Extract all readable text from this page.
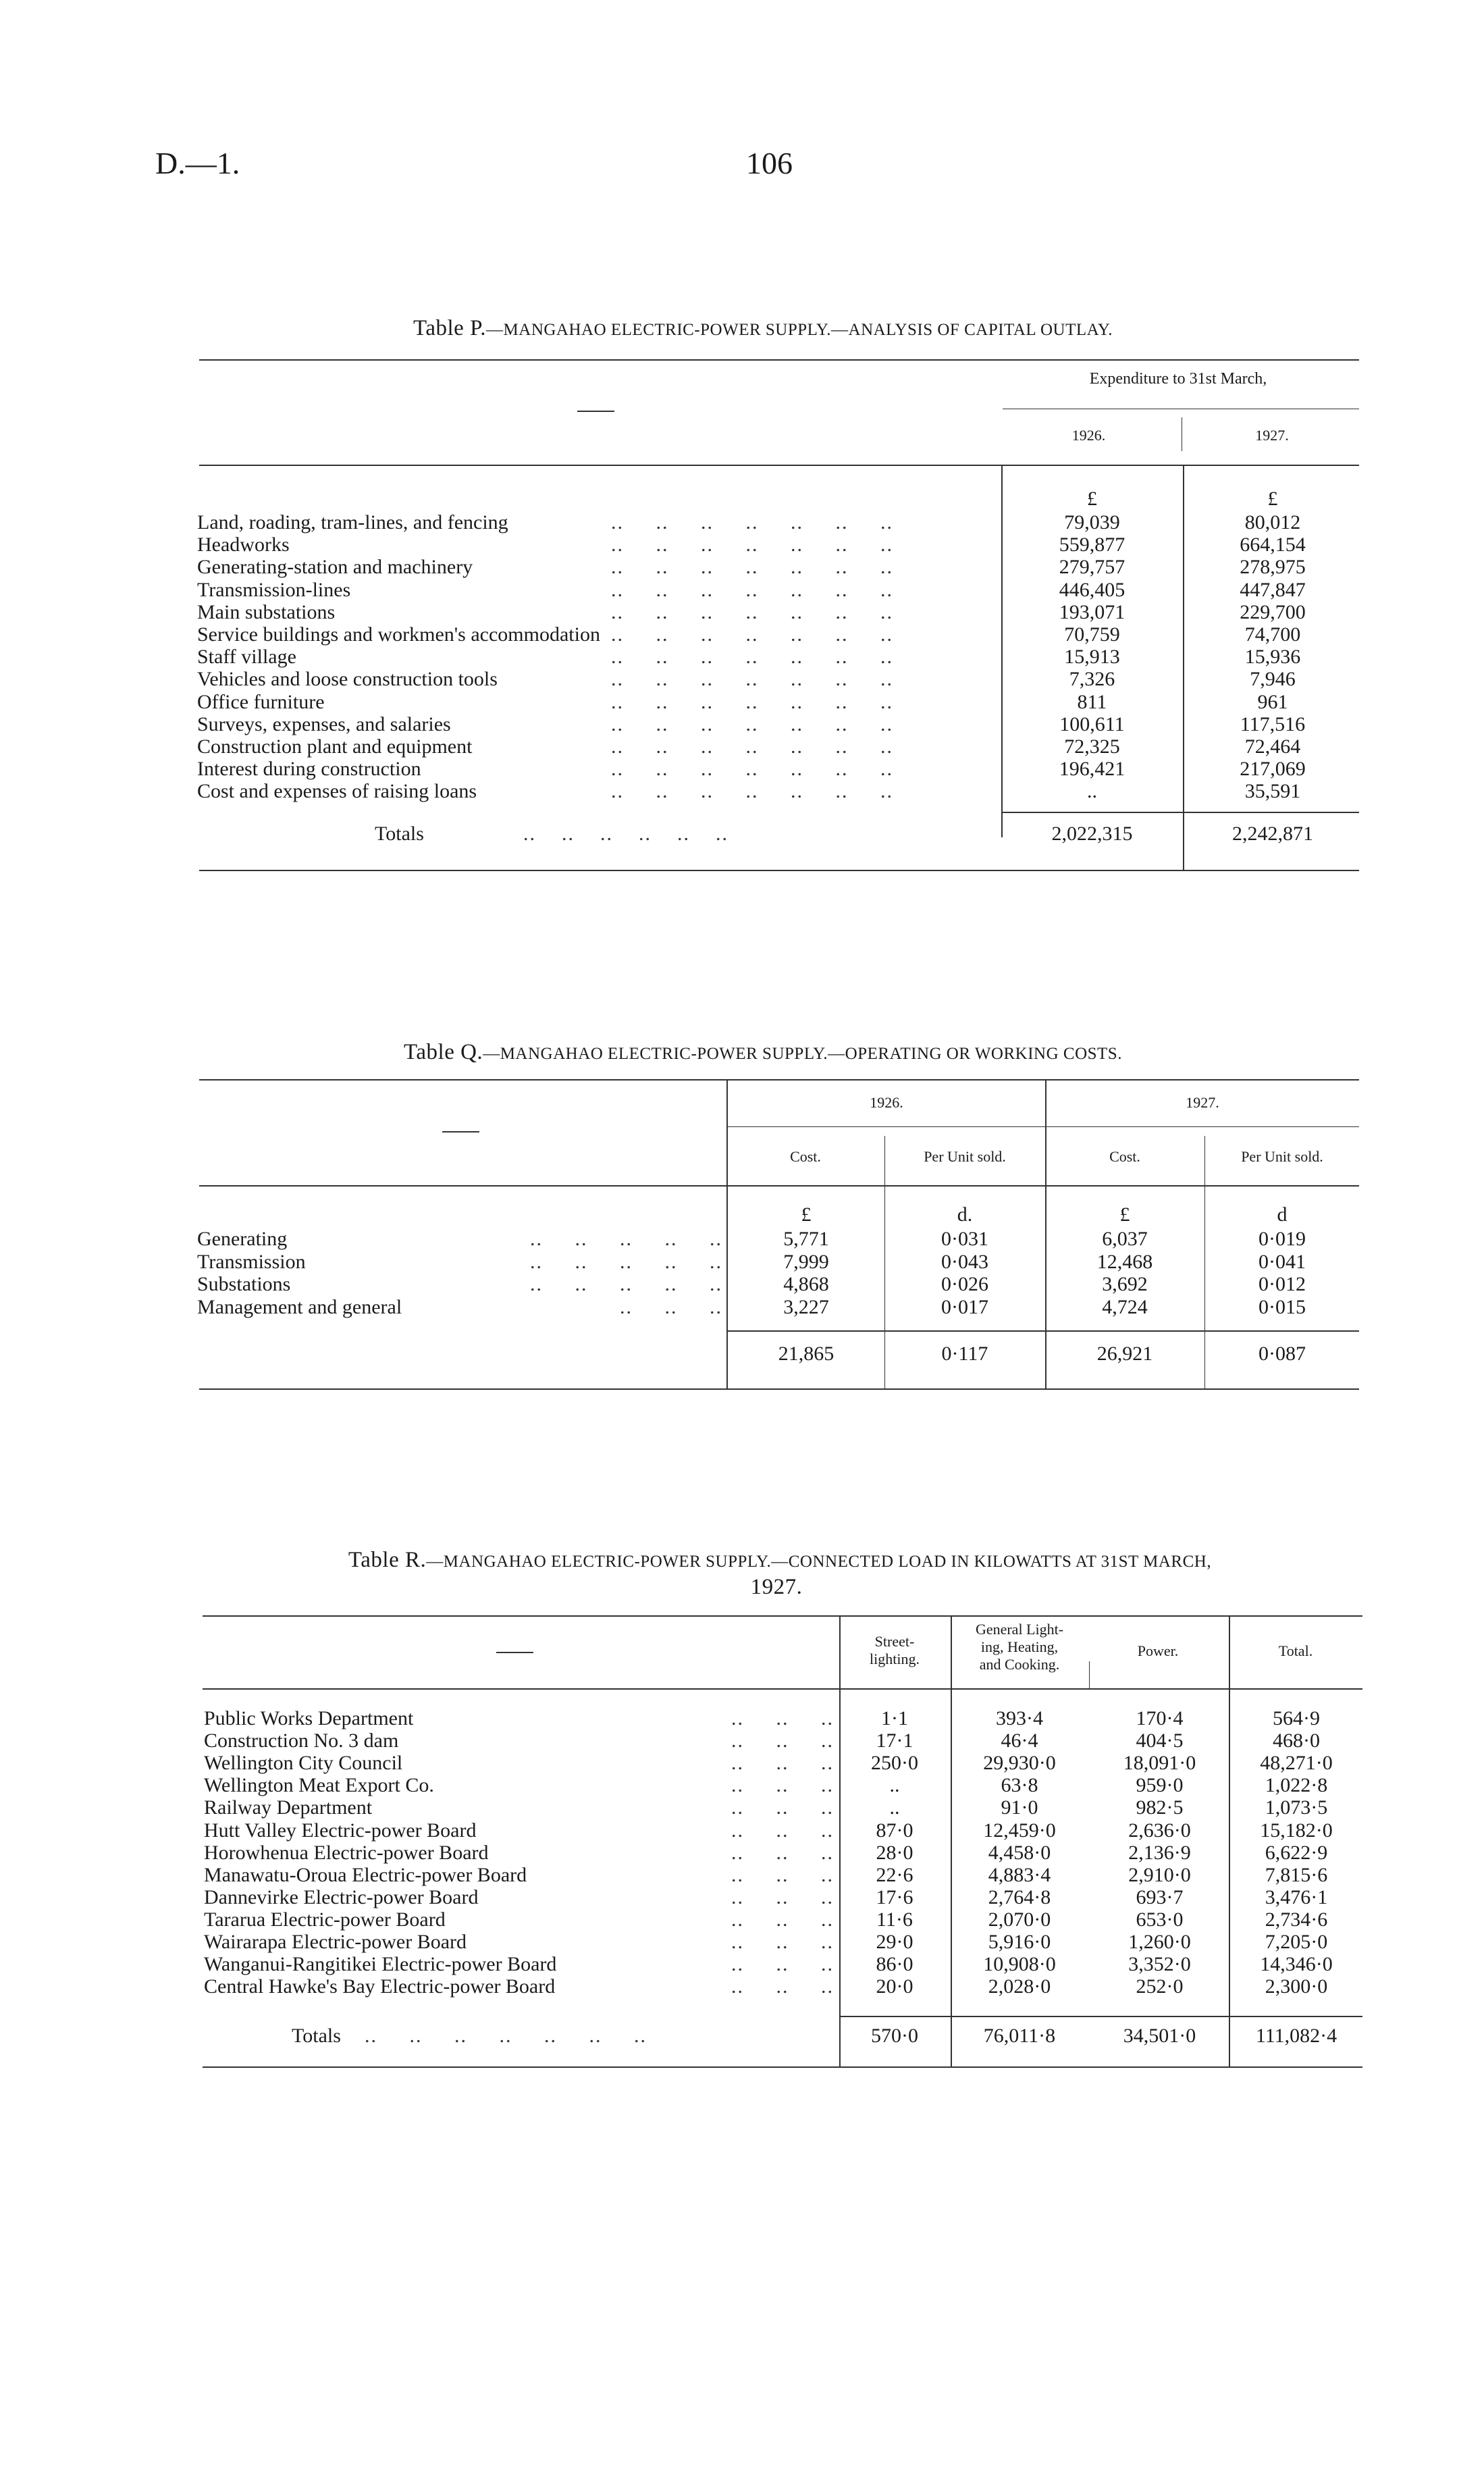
D.—1.	106
Table P.—MANGAHAO ELECTRIC-POWER SUPPLY.—ANALYSIS OF CAPITAL OUTLAY.
Expenditure to 31st March,
1926.	1927.
£	£
Land, roading, tram-lines, and fencing	..     ..     ..     ..     ..     ..     ..	79,039	80,012
Headworks	..     ..     ..     ..     ..     ..     ..	559,877	664,154
Generating-station and machinery	..     ..     ..     ..     ..     ..     ..	279,757	278,975
Transmission-lines	..     ..     ..     ..     ..     ..     ..	446,405	447,847
Main substations	..     ..     ..     ..     ..     ..     ..	193,071	229,700
Service buildings and workmen's accommodation ..     ..     ..     ..     ..     ..     ..	70,759	74,700
Staff village	..     ..     ..     ..     ..     ..     ..	15,913	15,936
Vehicles and loose construction tools	..     ..     ..     ..     ..     ..     ..	7,326	7,946
Office furniture	..     ..     ..     ..     ..     ..     ..	811	961
Surveys, expenses, and salaries	..     ..     ..     ..     ..     ..     ..	100,611	117,516
Construction plant and equipment	..     ..     ..     ..     ..     ..     ..	72,325	72,464
Interest during construction	..     ..     ..     ..     ..     ..     ..	196,421	217,069
Cost and expenses of raising loans	..     ..     ..     ..     ..     ..     ..	..	35,591
Totals	..    ..    ..    ..    ..    ..	2,022,315	2,242,871
Table Q.—MANGAHAO ELECTRIC-POWER SUPPLY.—OPERATING OR WORKING COSTS.
1926.	1927.
Cost.	Per Unit sold.	Cost.	Per Unit sold.
£	d.	£	d
Generating	..     ..     ..     ..     ..	5,771	0·031	6,037	0·019
Transmission	..     ..     ..     ..     ..	7,999	0·043	12,468	0·041
Substations	..     ..     ..     ..     ..	4,868	0·026	3,692	0·012
Management and general	..     ..     ..	3,227	0·017	4,724	0·015
21,865	0·117	26,921	0·087
Table R.—MANGAHAO ELECTRIC-POWER SUPPLY.—CONNECTED LOAD IN KILOWATTS AT 31ST MARCH,
1927.
Street-
lighting.
General Light-
ing, Heating,
and Cooking.
Power.	Total.
Public Works Department	..     ..     ..	1·1	393·4	170·4	564·9
Construction No. 3 dam	..     ..     ..	17·1	46·4	404·5	468·0
Wellington City Council	..     ..     ..	250·0	29,930·0	18,091·0	48,271·0
Wellington Meat Export Co.	..     ..     ..	..	63·8	959·0	1,022·8
Railway Department	..     ..     ..	..	91·0	982·5	1,073·5
Hutt Valley Electric-power Board	..     ..     ..	87·0	12,459·0	2,636·0	15,182·0
Horowhenua Electric-power Board	..     ..     ..	28·0	4,458·0	2,136·9	6,622·9
Manawatu-Oroua Electric-power Board	..     ..     ..	22·6	4,883·4	2,910·0	7,815·6
Dannevirke Electric-power Board	..     ..     ..	17·6	2,764·8	693·7	3,476·1
Tararua Electric-power Board	..     ..     ..	11·6	2,070·0	653·0	2,734·6
Wairarapa Electric-power Board	..     ..     ..	29·0	5,916·0	1,260·0	7,205·0
Wanganui-Rangitikei Electric-power Board	..     ..     ..	86·0	10,908·0	3,352·0	14,346·0
Central Hawke's Bay Electric-power Board	..     ..     ..	20·0	2,028·0	252·0	2,300·0
Totals ..     ..     ..     ..     ..     ..     ..	570·0	76,011·8	34,501·0	111,082·4
